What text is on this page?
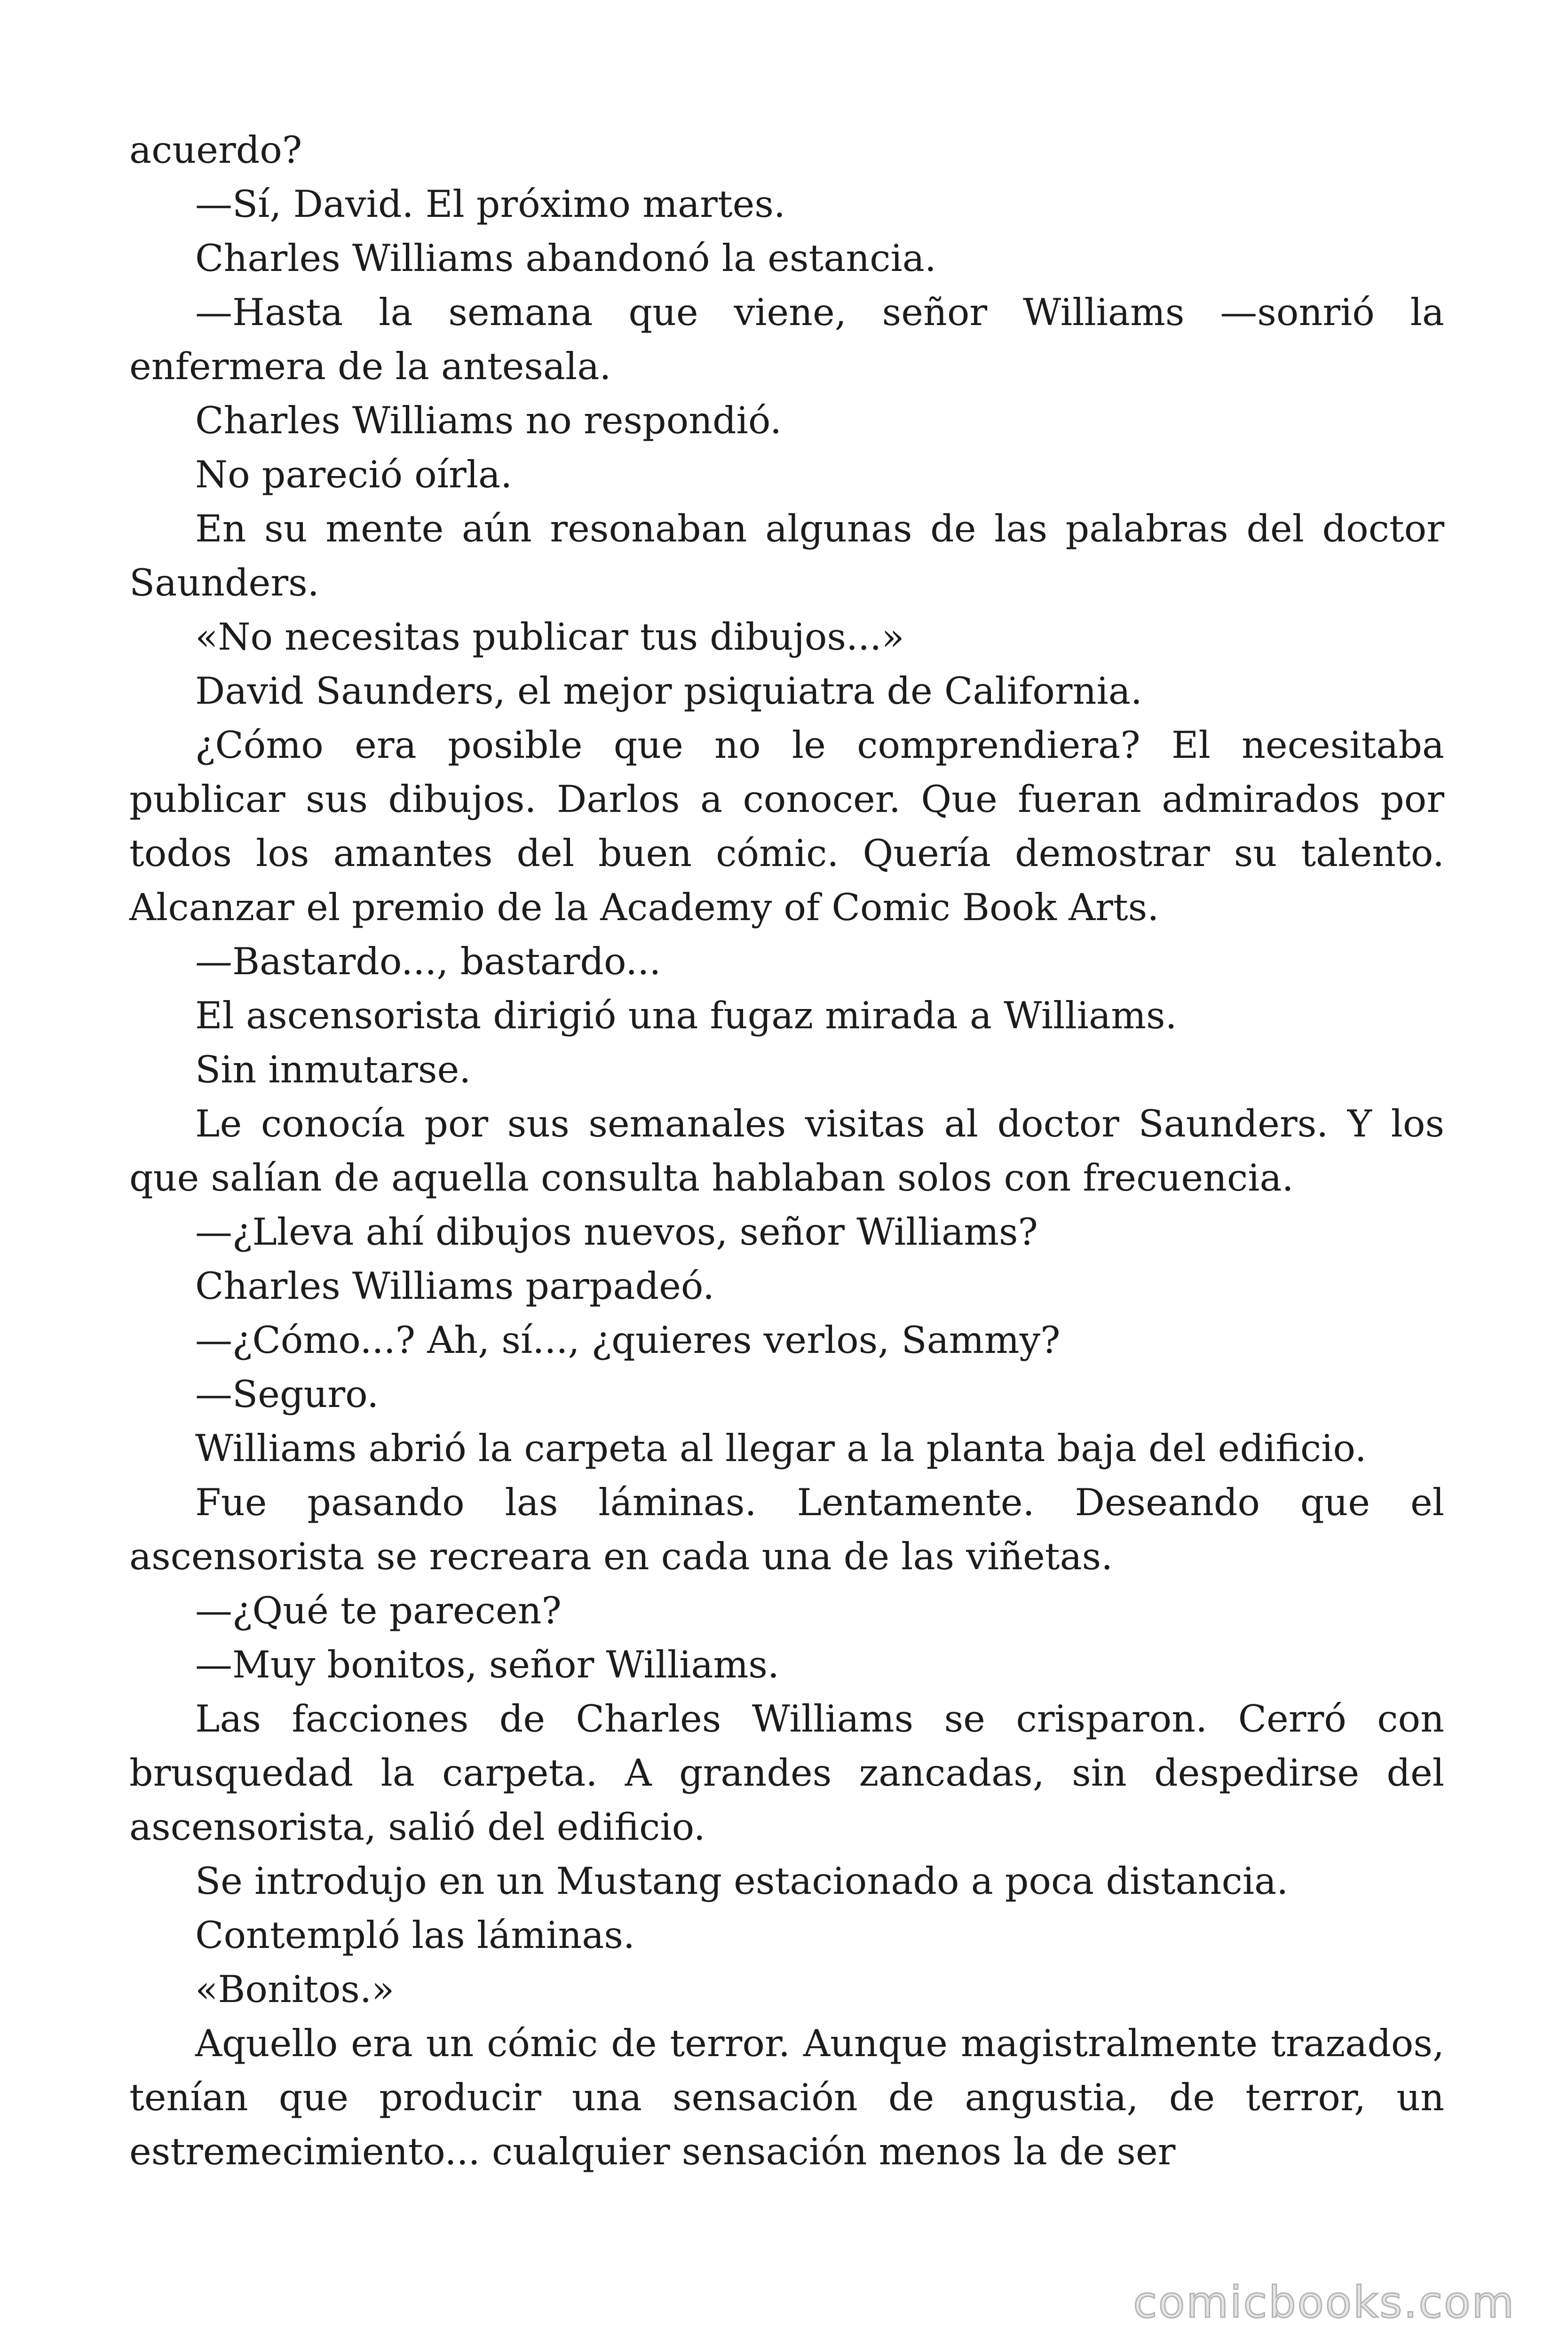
acuerdo?

—Sí, David. El próximo martes.

Charles Williams abandonó la estancia.

—Hasta la semana que viene, señor Williams —sonrió la enfermera de la antesala.

Charles Williams no respondió.

No pareció oírla.

En su mente aún resonaban algunas de las palabras del doctor Saunders.

«No necesitas publicar tus dibujos...»

David Saunders, el mejor psiquiatra de California.

¿Cómo era posible que no le comprendiera? El necesitaba publicar sus dibujos. Darlos a conocer. Que fueran admirados por todos los amantes del buen cómic. Quería demostrar su talento. Alcanzar el premio de la Academy of Comic Book Arts.

—Bastardo..., bastardo...

El ascensorista dirigió una fugaz mirada a Williams.

Sin inmutarse.

Le conocía por sus semanales visitas al doctor Saunders. Y los que salían de aquella consulta hablaban solos con frecuencia.

—¿Lleva ahí dibujos nuevos, señor Williams?

Charles Williams parpadeó.

—¿Cómo...? Ah, sí..., ¿quieres verlos, Sammy?

—Seguro.

Williams abrió la carpeta al llegar a la planta baja del edificio.

Fue pasando las láminas. Lentamente. Deseando que el ascensorista se recreara en cada una de las viñetas.

—¿Qué te parecen?

—Muy bonitos, señor Williams.

Las facciones de Charles Williams se crisparon. Cerró con brusquedad la carpeta. A grandes zancadas, sin despedirse del ascensorista, salió del edificio.

Se introdujo en un Mustang estacionado a poca distancia.

Contempló las láminas.

«Bonitos.»

Aquello era un cómic de terror. Aunque magistralmente trazados, tenían que producir una sensación de angustia, de terror, un estremecimiento... cualquier sensación menos la de ser

comicbooks.com
